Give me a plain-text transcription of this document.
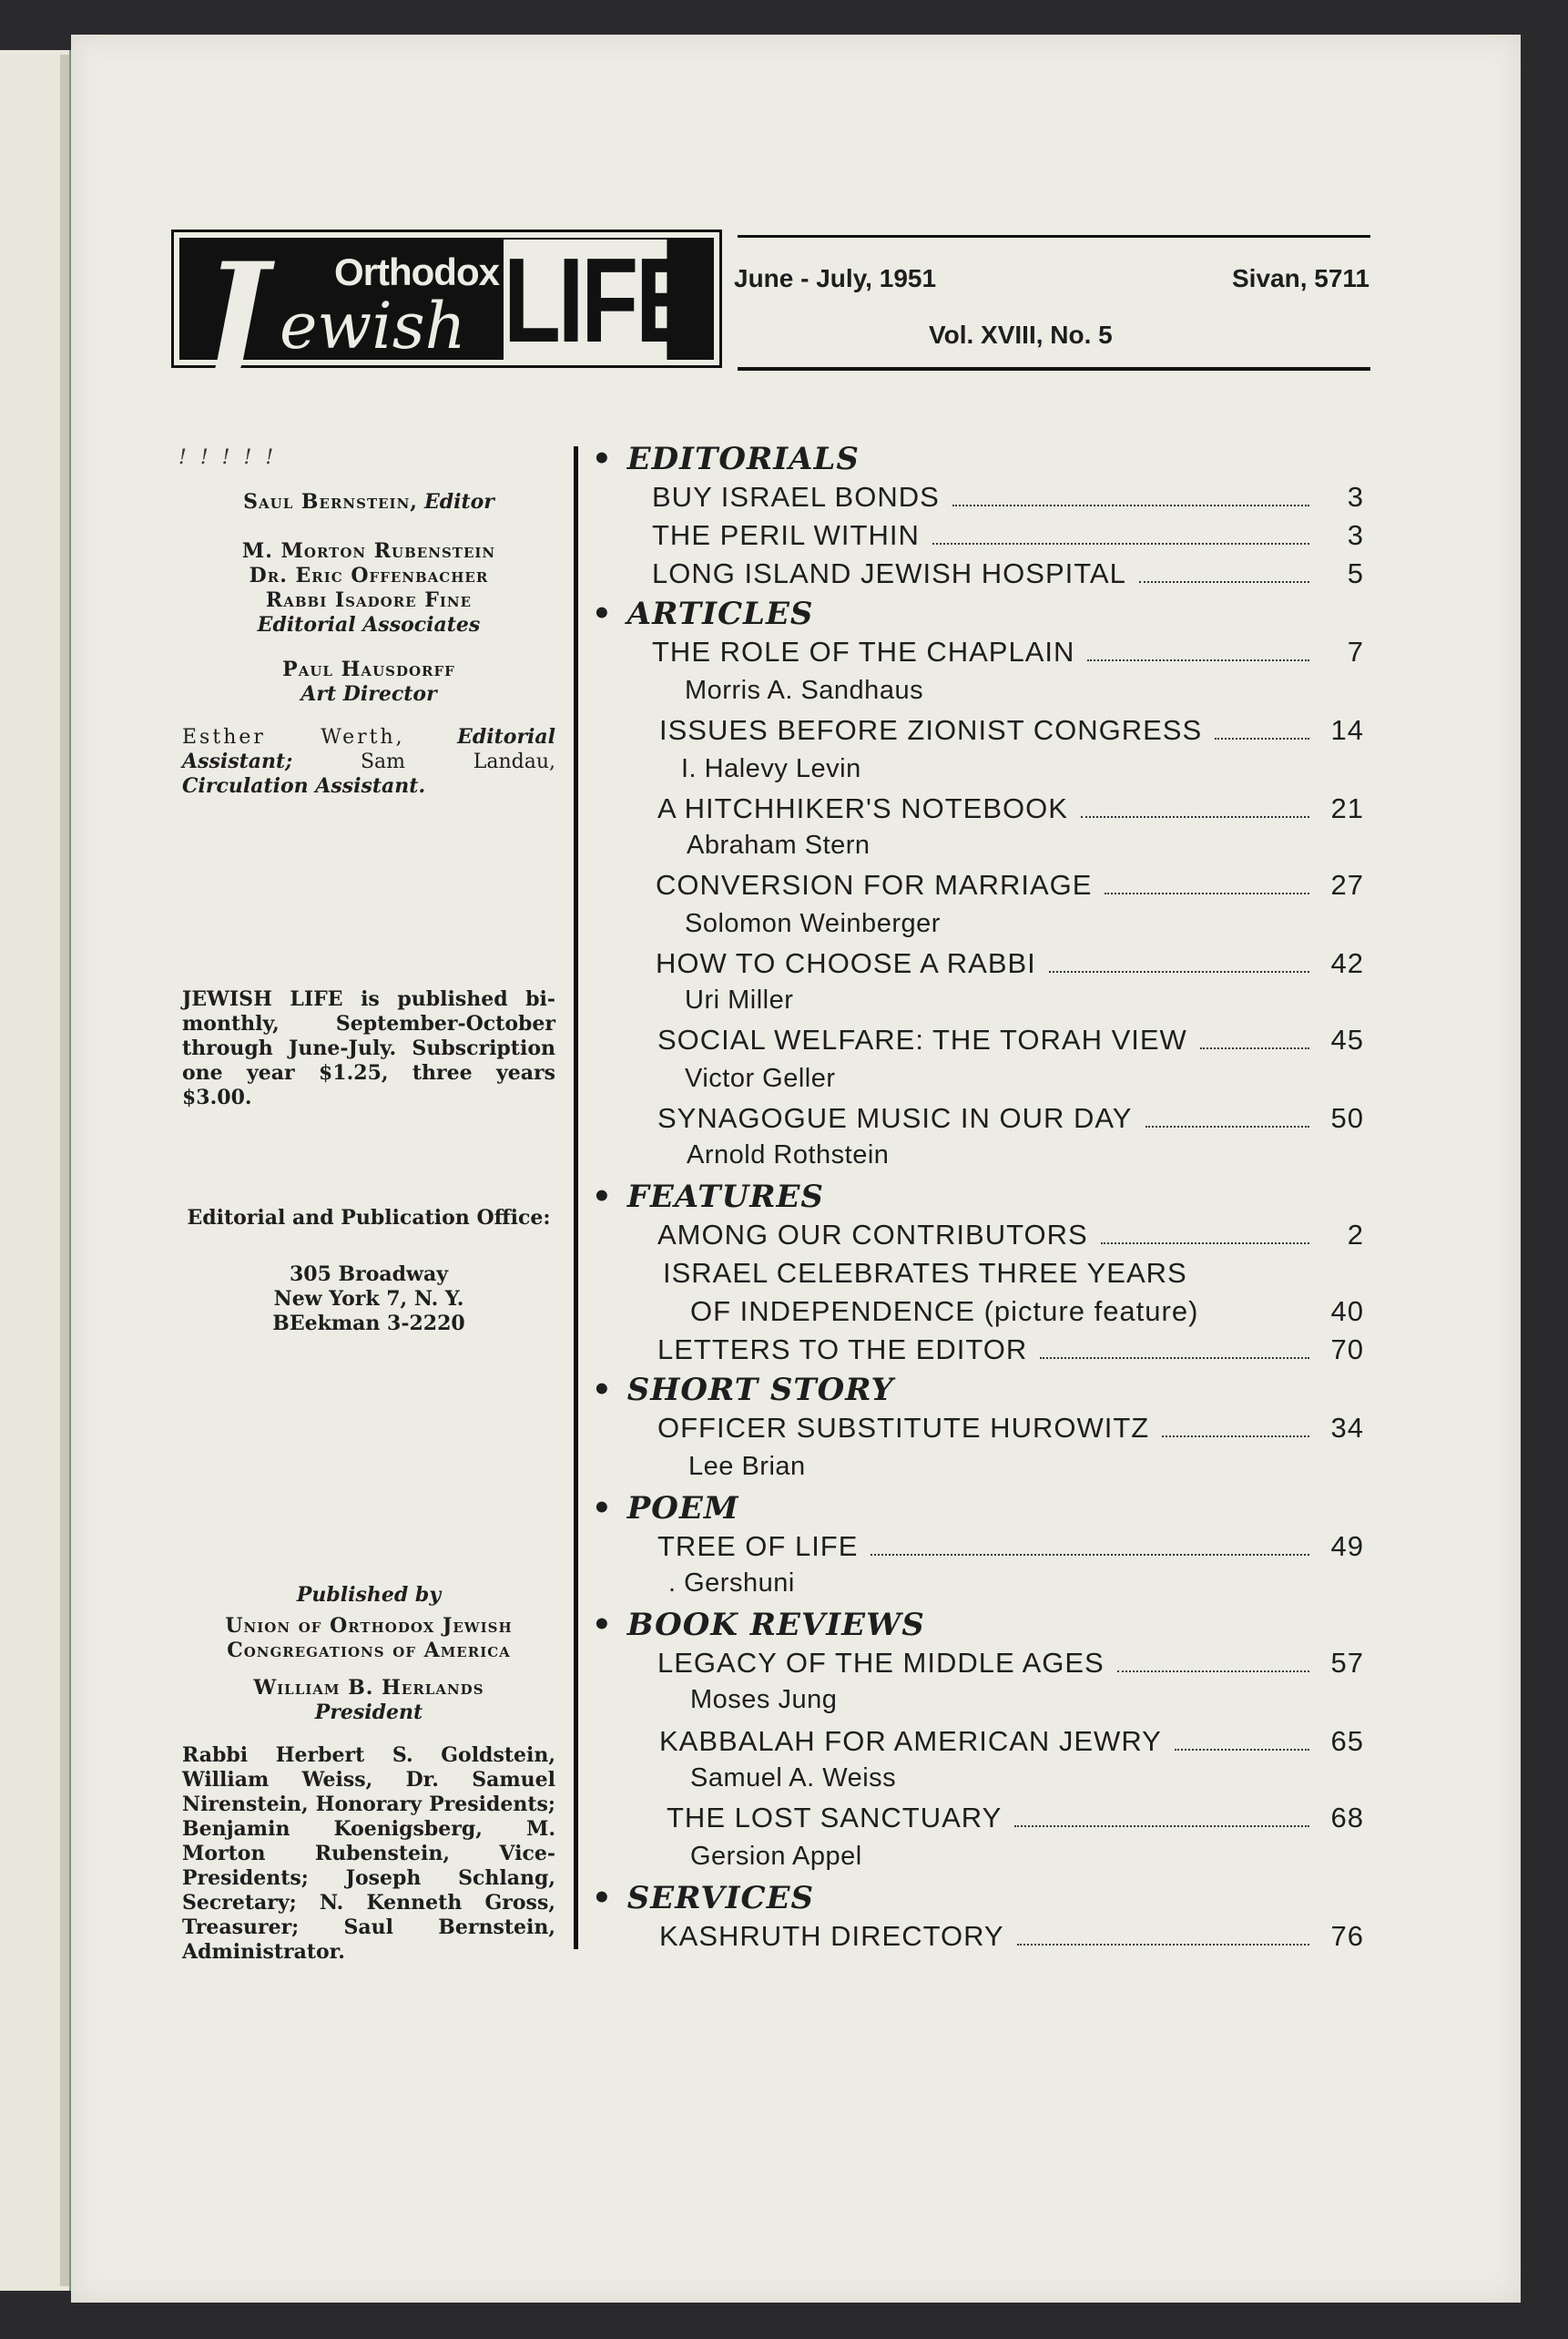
J Orthodox
ewish LIFE June - July, 1951	Sivan, 5711
Vol. XVIII, No. 5
! ! ! ! !
Saul Bernstein, Editor
M. Morton Rubenstein
Dr. Eric Offenbacher
Rabbi Isadore Fine
Editorial Associates
Paul Hausdorff
Art Director
Esther Werth,	Editorial Assistant;	Sam Landau, Circulation Assistant.
JEWISH LIFE is published bi-monthly, September-October through June-July. Subscription one year $1.25, three years $3.00.
Editorial and Publication Office:
305 Broadway
New York 7, N. Y.
BEekman 3-2220
Published by
Union of Orthodox Jewish
Congregations of America
William B. Herlands
President
Rabbi Herbert S. Goldstein, William Weiss, Dr. Samuel Nirenstein, Honorary Presidents; Benjamin Koenigsberg, M. Morton Rubenstein, Vice-Presidents; Joseph Schlang, Secretary; N. Kenneth Gross, Treasurer; Saul Bernstein, Administrator.
• EDITORIALS
BUY ISRAEL BONDS	3
THE PERIL WITHIN	3
LONG ISLAND JEWISH HOSPITAL	5
• ARTICLES
THE ROLE OF THE CHAPLAIN	7
Morris A. Sandhaus
ISSUES BEFORE ZIONIST CONGRESS	14
I. Halevy Levin
A HITCHHIKER'S NOTEBOOK	21
Abraham Stern
CONVERSION FOR MARRIAGE	27
Solomon Weinberger
HOW TO CHOOSE A RABBI	42
Uri Miller
SOCIAL WELFARE: THE TORAH VIEW	45
Victor Geller
SYNAGOGUE MUSIC IN OUR DAY	50
Arnold Rothstein
• FEATURES
AMONG OUR CONTRIBUTORS	2
ISRAEL CELEBRATES THREE YEARS
OF INDEPENDENCE (picture feature)	40
LETTERS TO THE EDITOR	70
• SHORT STORY
OFFICER SUBSTITUTE HUROWITZ	34
Lee Brian
• POEM
TREE OF LIFE	49
. Gershuni
• BOOK REVIEWS
LEGACY OF THE MIDDLE AGES	57
Moses Jung
KABBALAH FOR AMERICAN JEWRY	65
Samuel A. Weiss
THE LOST SANCTUARY	68
Gersion Appel
• SERVICES
KASHRUTH DIRECTORY	76
